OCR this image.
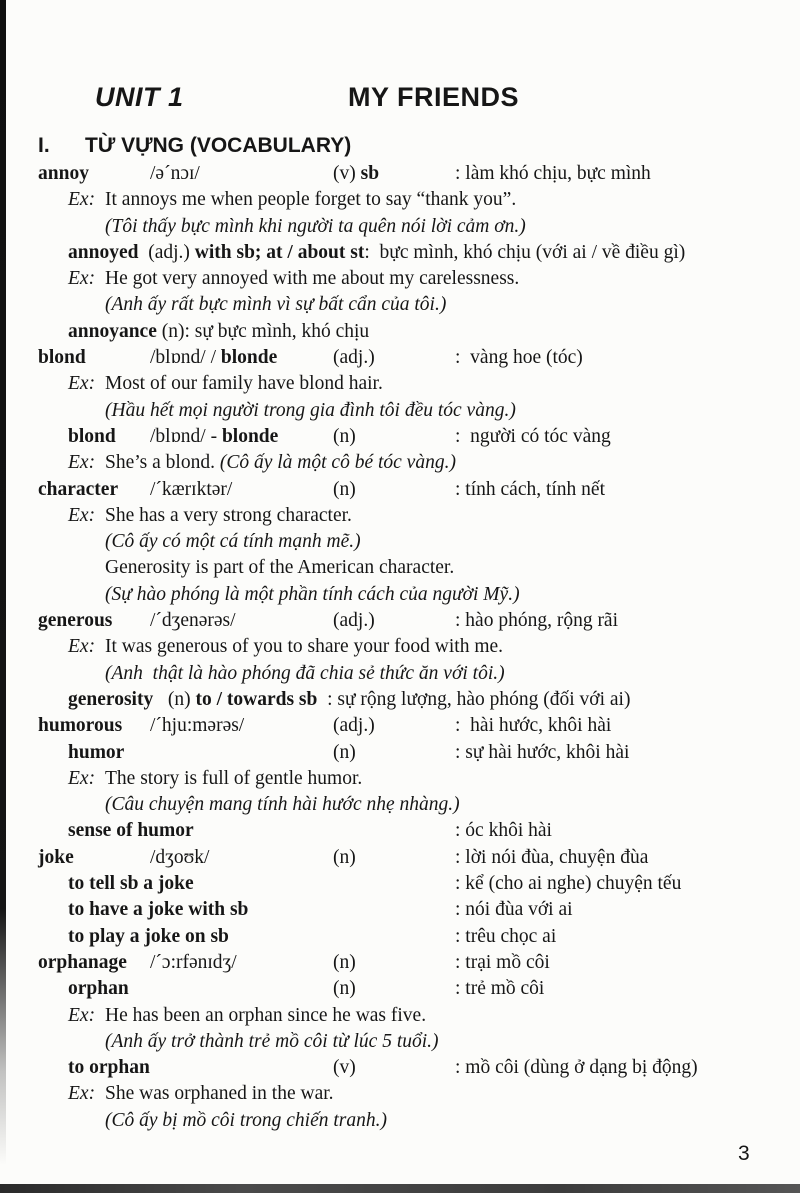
UNIT 1	MY FRIENDS
I. TỪ VỰNG (VOCABULARY)
annoy	/ə´nɔɪ/	(v) sb	: làm khó chịu, bực mình
Ex: It annoys me when people forget to say “thank you”.
(Tôi thấy bực mình khi người ta quên nói lời cảm ơn.)
annoyed  (adj.) with sb; at / about st:  bực mình, khó chịu (với ai / về điều gì)
Ex: He got very annoyed with me about my carelessness.
(Anh ấy rất bực mình vì sự bất cẩn của tôi.)
annoyance (n): sự bực mình, khó chịu
blond	/blɒnd/ / blonde	(adj.)	:  vàng hoe (tóc)
Ex: Most of our family have blond hair.
(Hầu hết mọi người trong gia đình tôi đều tóc vàng.)
blond /blɒnd/ - blonde	(n)	:  người có tóc vàng
Ex: She’s a blond. (Cô ấy là một cô bé tóc vàng.)
character /´kærɪktər/	(n)	: tính cách, tính nết
Ex: She has a very strong character.
(Cô ấy có một cá tính mạnh mẽ.)
Generosity is part of the American character.
(Sự hào phóng là một phần tính cách của người Mỹ.)
generous /´dʒenərəs/	(adj.)	: hào phóng, rộng rãi
Ex: It was generous of you to share your food with me.
(Anh  thật là hào phóng đã chia sẻ thức ăn với tôi.)
generosity   (n) to / towards sb  : sự rộng lượng, hào phóng (đối với ai)
humorous /´hju:mərəs/	(adj.)	:  hài hước, khôi hài
humor	(n)	: sự hài hước, khôi hài
Ex: The story is full of gentle humor.
(Câu chuyện mang tính hài hước nhẹ nhàng.)
sense of humor	: óc khôi hài
joke	/dʒoʊk/	(n)	: lời nói đùa, chuyện đùa
to tell sb a joke	: kể (cho ai nghe) chuyện tếu
to have a joke with sb	: nói đùa với ai
to play a joke on sb	: trêu chọc ai
orphanage /´ɔ:rfənɪdʒ/	(n)	: trại mồ côi
orphan	(n)	: trẻ mồ côi
Ex: He has been an orphan since he was five.
(Anh ấy trở thành trẻ mồ côi từ lúc 5 tuổi.)
to orphan	(v)	: mồ côi (dùng ở dạng bị động)
Ex: She was orphaned in the war.
(Cô ấy bị mồ côi trong chiến tranh.)
3
